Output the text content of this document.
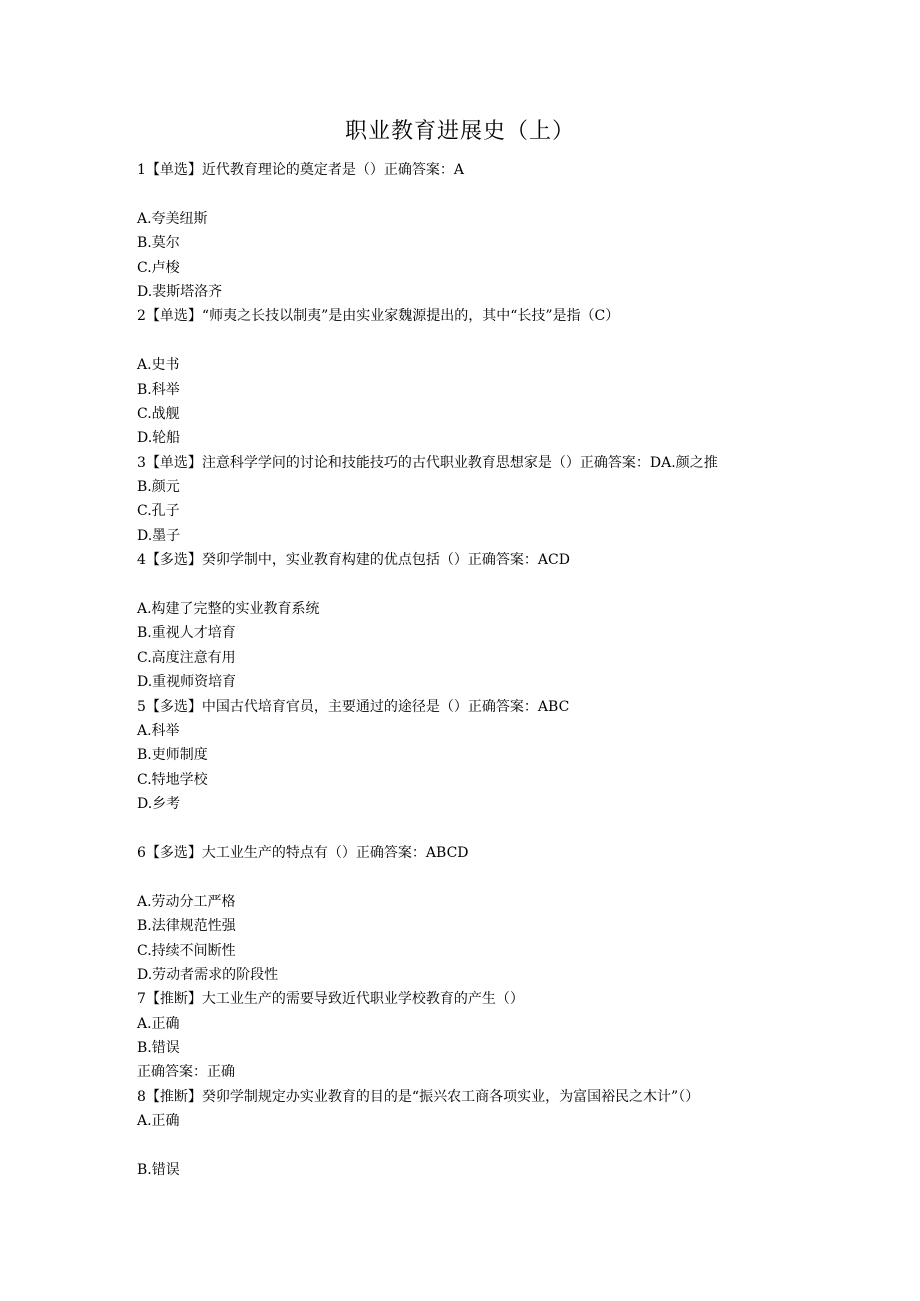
职业教育进展史（上）
1【单选】近代教育理论的奠定者是（）正确答案：A
A.夸美纽斯
B.莫尔
C.卢梭
D.裴斯塔洛齐
2【单选】“师夷之长技以制夷”是由实业家魏源提出的，其中“长技”是指（C）
A.史书
B.科举
C.战舰
D.轮船
3【单选】注意科学学问的讨论和技能技巧的古代职业教育思想家是（）正确答案：DA.颜之推
B.颜元
C.孔子
D.墨子
4【多选】癸卯学制中，实业教育构建的优点包括（）正确答案：ACD
A.构建了完整的实业教育系统
B.重视人才培育
C.高度注意有用
D.重视师资培育
5【多选】中国古代培育官员，主要通过的途径是（）正确答案：ABC
A.科举
B.吏师制度
C.特地学校
D.乡考
6【多选】大工业生产的特点有（）正确答案：ABCD
A.劳动分工严格
B.法律规范性强
C.持续不间断性
D.劳动者需求的阶段性
7【推断】大工业生产的需要导致近代职业学校教育的产生（）
A.正确
B.错误
正确答案：正确
8【推断】癸卯学制规定办实业教育的目的是“振兴农工商各项实业，为富国裕民之木计”（）
A.正确
B.错误
